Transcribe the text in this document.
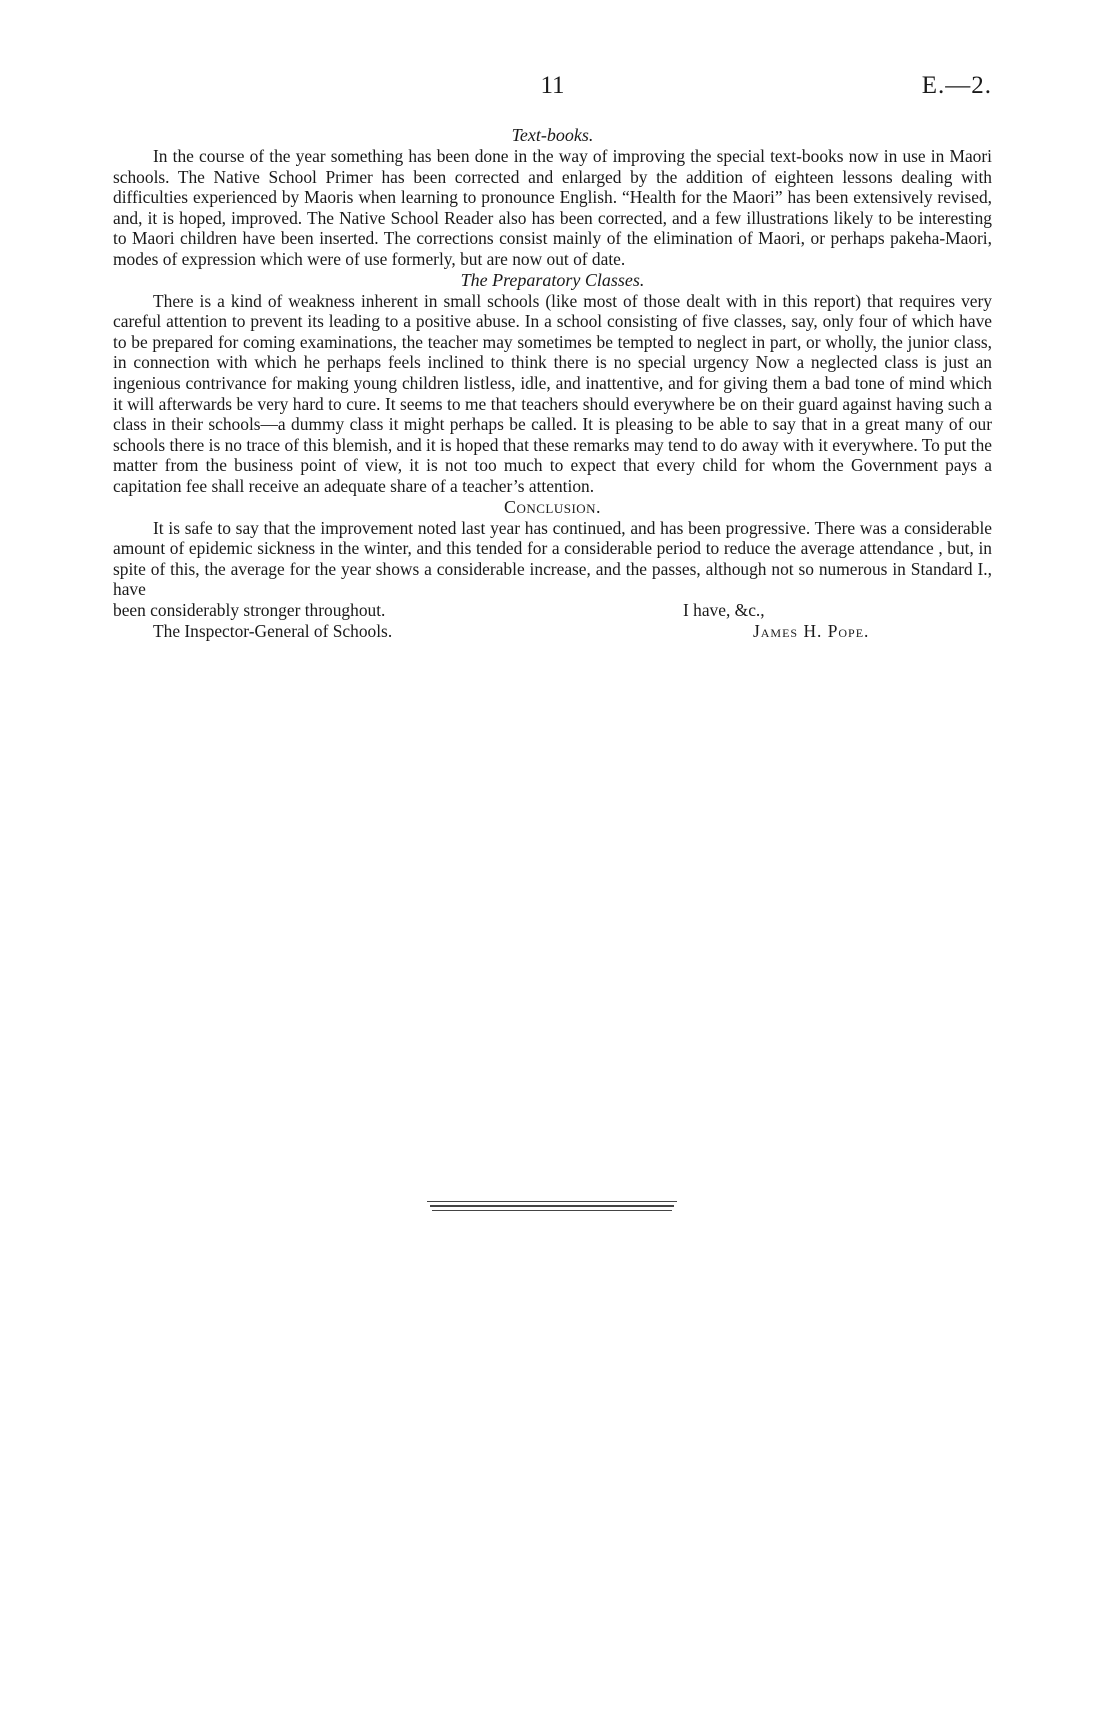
11	E.—2.
Text-books.

In the course of the year something has been done in the way of improving the special text-books now in use in Maori schools. The Native School Primer has been corrected and enlarged by the addition of eighteen lessons dealing with difficulties experienced by Maoris when learning to pronounce English. “Health for the Maori” has been extensively revised, and, it is hoped, improved. The Native School Reader also has been corrected, and a few illustrations likely to be interesting to Maori children have been inserted. The corrections consist mainly of the elimination of Maori, or perhaps pakeha-Maori, modes of expression which were of use formerly, but are now out of date.

The Preparatory Classes.

There is a kind of weakness inherent in small schools (like most of those dealt with in this report) that requires very careful attention to prevent its leading to a positive abuse. In a school consisting of five classes, say, only four of which have to be prepared for coming examinations, the teacher may sometimes be tempted to neglect in part, or wholly, the junior class, in connection with which he perhaps feels inclined to think there is no special urgency Now a neglected class is just an ingenious contrivance for making young children listless, idle, and inattentive, and for giving them a bad tone of mind which it will afterwards be very hard to cure. It seems to me that teachers should everywhere be on their guard against having such a class in their schools—a dummy class it might perhaps be called. It is pleasing to be able to say that in a great many of our schools there is no trace of this blemish, and it is hoped that these remarks may tend to do away with it everywhere. To put the matter from the business point of view, it is not too much to expect that every child for whom the Government pays a capitation fee shall receive an adequate share of a teacher’s attention.

Conclusion.

It is safe to say that the improvement noted last year has continued, and has been progressive. There was a considerable amount of epidemic sickness in the winter, and this tended for a considerable period to reduce the average attendance , but, in spite of this, the average for the year shows a considerable increase, and the passes, although not so numerous in Standard I., have

been considerably stronger throughout.	I have, &c.,
The Inspector-General of Schools.	James H. Pope.
